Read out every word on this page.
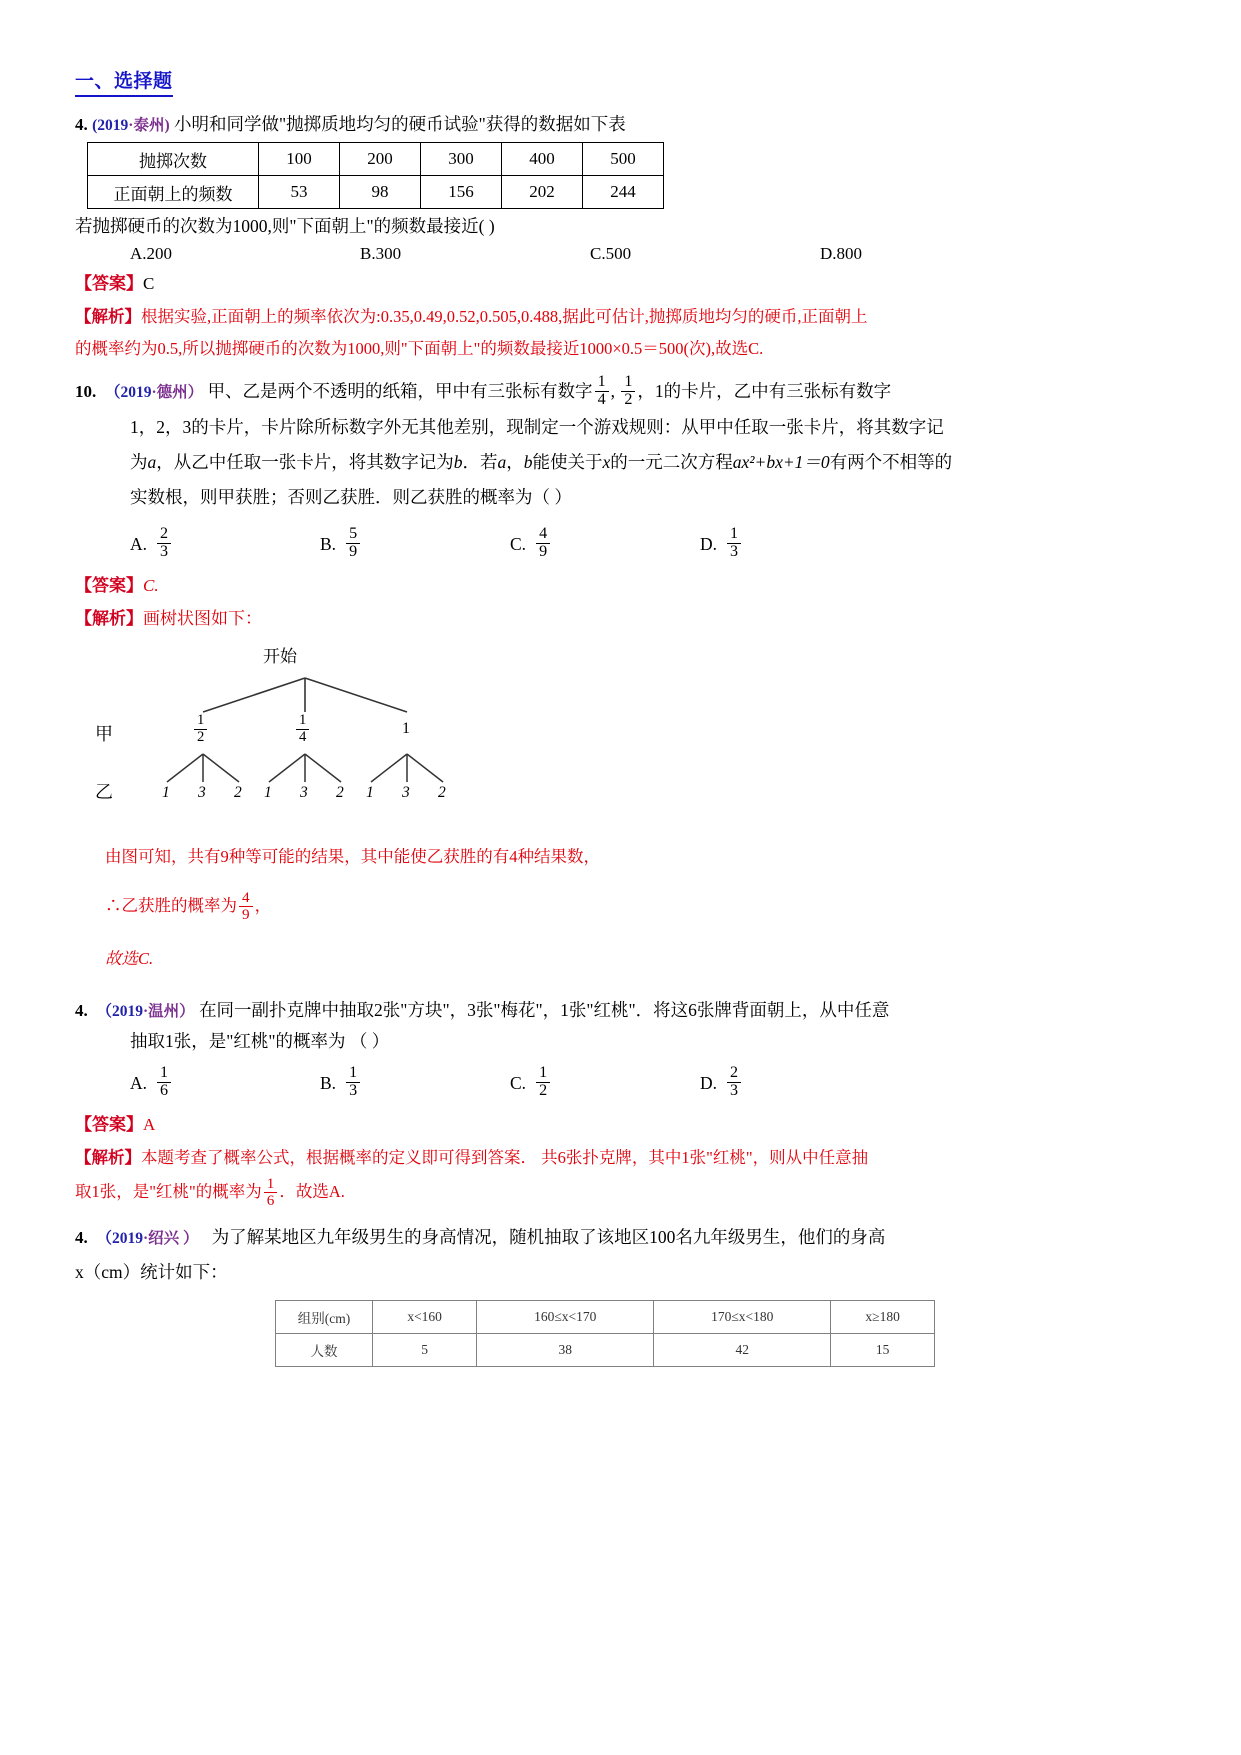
一、选择题
4. (2019·泰州) 小明和同学做"抛掷质地均匀的硬币试验"获得的数据如下表
抛掷次数	100	200	300	400	500
正面朝上的频数	53	98	156	202	244
若抛掷硬币的次数为1000,则"下面朝上"的频数最接近( )
A.200	B.300	C.500	D.800
【答案】C
【解析】根据实验,正面朝上的频率依次为:0.35,0.49,0.52,0.505,0.488,据此可估计,抛掷质地均匀的硬币,正面朝上
的概率约为0.5,所以抛掷硬币的次数为1000,则"下面朝上"的频数最接近1000×0.5＝500(次),故选C.
10. （2019·德州） 甲、乙是两个不透明的纸箱，甲中有三张标有数字 $\frac{1}{4}$ , $\frac{1}{2}$ ，1的卡片，乙中有三张标有数字
1，2，3的卡片，卡片除所标数字外无其他差别，现制定一个游戏规则：从甲中任取一张卡片，将其数字记
为a，从乙中任取一张卡片，将其数字记为b．若a，b能使关于x的一元二次方程ax²+bx+1＝0有两个不相等的
实数根，则甲获胜；否则乙获胜．则乙获胜的概率为（ ）
A. $\frac{2}{3}$	B. $\frac{5}{9}$	C. $\frac{4}{9}$	D. $\frac{1}{3}$
【答案】C.
【解析】画树状图如下：
开始
甲
乙
$\frac{1}{2}$	$\frac{1}{4}$	1
1 3 2 1 3 2 1 3 2
由图可知，共有9种等可能的结果，其中能使乙获胜的有4种结果数，
∴乙获胜的概率为 $\frac{4}{9}$ ，
故选C.
4. （2019·温州） 在同一副扑克牌中抽取2张"方块"，3张"梅花"，1张"红桃"．将这6张牌背面朝上，从中任意
抽取1张，是"红桃"的概率为 （ ）
A. $\frac{1}{6}$	B. $\frac{1}{3}$	C. $\frac{1}{2}$	D. $\frac{2}{3}$
【答案】A
【解析】本题考查了概率公式，根据概率的定义即可得到答案． 共6张扑克牌，其中1张"红桃"，则从中任意抽
取1张，是"红桃"的概率为 $\frac{1}{6}$ ．故选A.
4. （2019·绍兴 ） 为了解某地区九年级男生的身高情况，随机抽取了该地区100名九年级男生，他们的身高
x（cm）统计如下：
组别(cm)	x<160	160≤x<170	170≤x<180	x≥180
人数	5	38	42	15
